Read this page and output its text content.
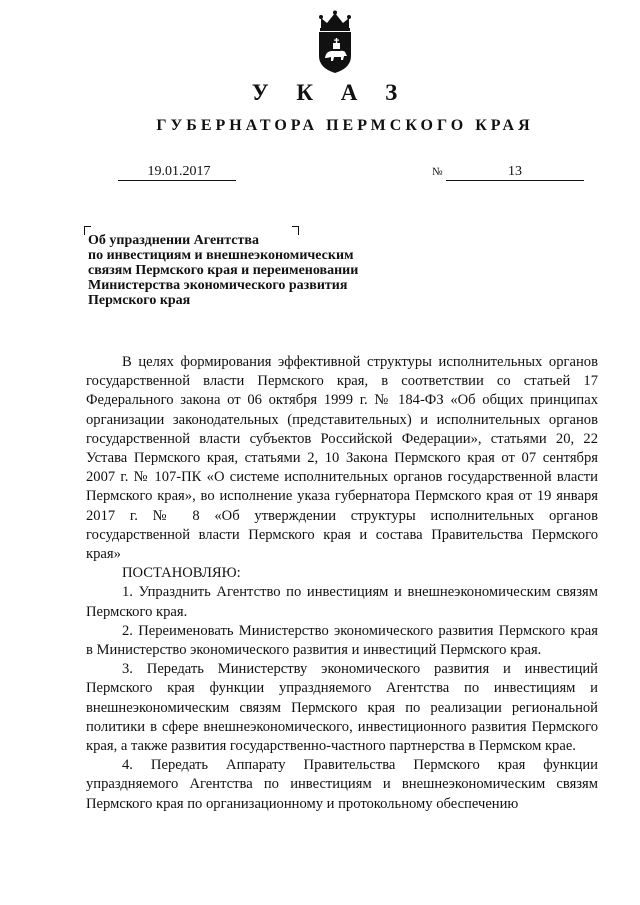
У К А З
ГУБЕРНАТОРА ПЕРМСКОГО КРАЯ
19.01.2017	№	13
Об упразднении Агентства
по инвестициям и внешнеэкономическим
связям Пермского края и переименовании
Министерства экономического развития
Пермского края

В целях формирования эффективной структуры исполнительных органов государственной власти Пермского края, в соответствии со статьей 17 Федерального закона от 06 октября 1999 г. № 184-ФЗ «Об общих принципах организации законодательных (представительных) и исполнительных органов государственной власти субъектов Российской Федерации», статьями 20, 22 Устава Пермского края, статьями 2, 10 Закона Пермского края от 07 сентября 2007 г. № 107-ПК «О системе исполнительных органов государственной власти Пермского края», во исполнение указа губернатора Пермского края от 19 января 2017 г. № 8 «Об утверждении структуры исполнительных органов государственной власти Пермского края и состава Правительства Пермского края»

ПОСТАНОВЛЯЮ:

1. Упразднить Агентство по инвестициям и внешнеэкономическим связям Пермского края.

2. Переименовать Министерство экономического развития Пермского края в Министерство экономического развития и инвестиций Пермского края.

3. Передать Министерству экономического развития и инвестиций Пермского края функции упраздняемого Агентства по инвестициям и внешнеэкономическим связям Пермского края по реализации региональной политики в сфере внешнеэкономического, инвестиционного развития Пермского края, а также развития государственно-частного партнерства в Пермском крае.

4. Передать Аппарату Правительства Пермского края функции упраздняемого Агентства по инвестициям и внешнеэкономическим связям Пермского края по организационному и протокольному обеспечению
